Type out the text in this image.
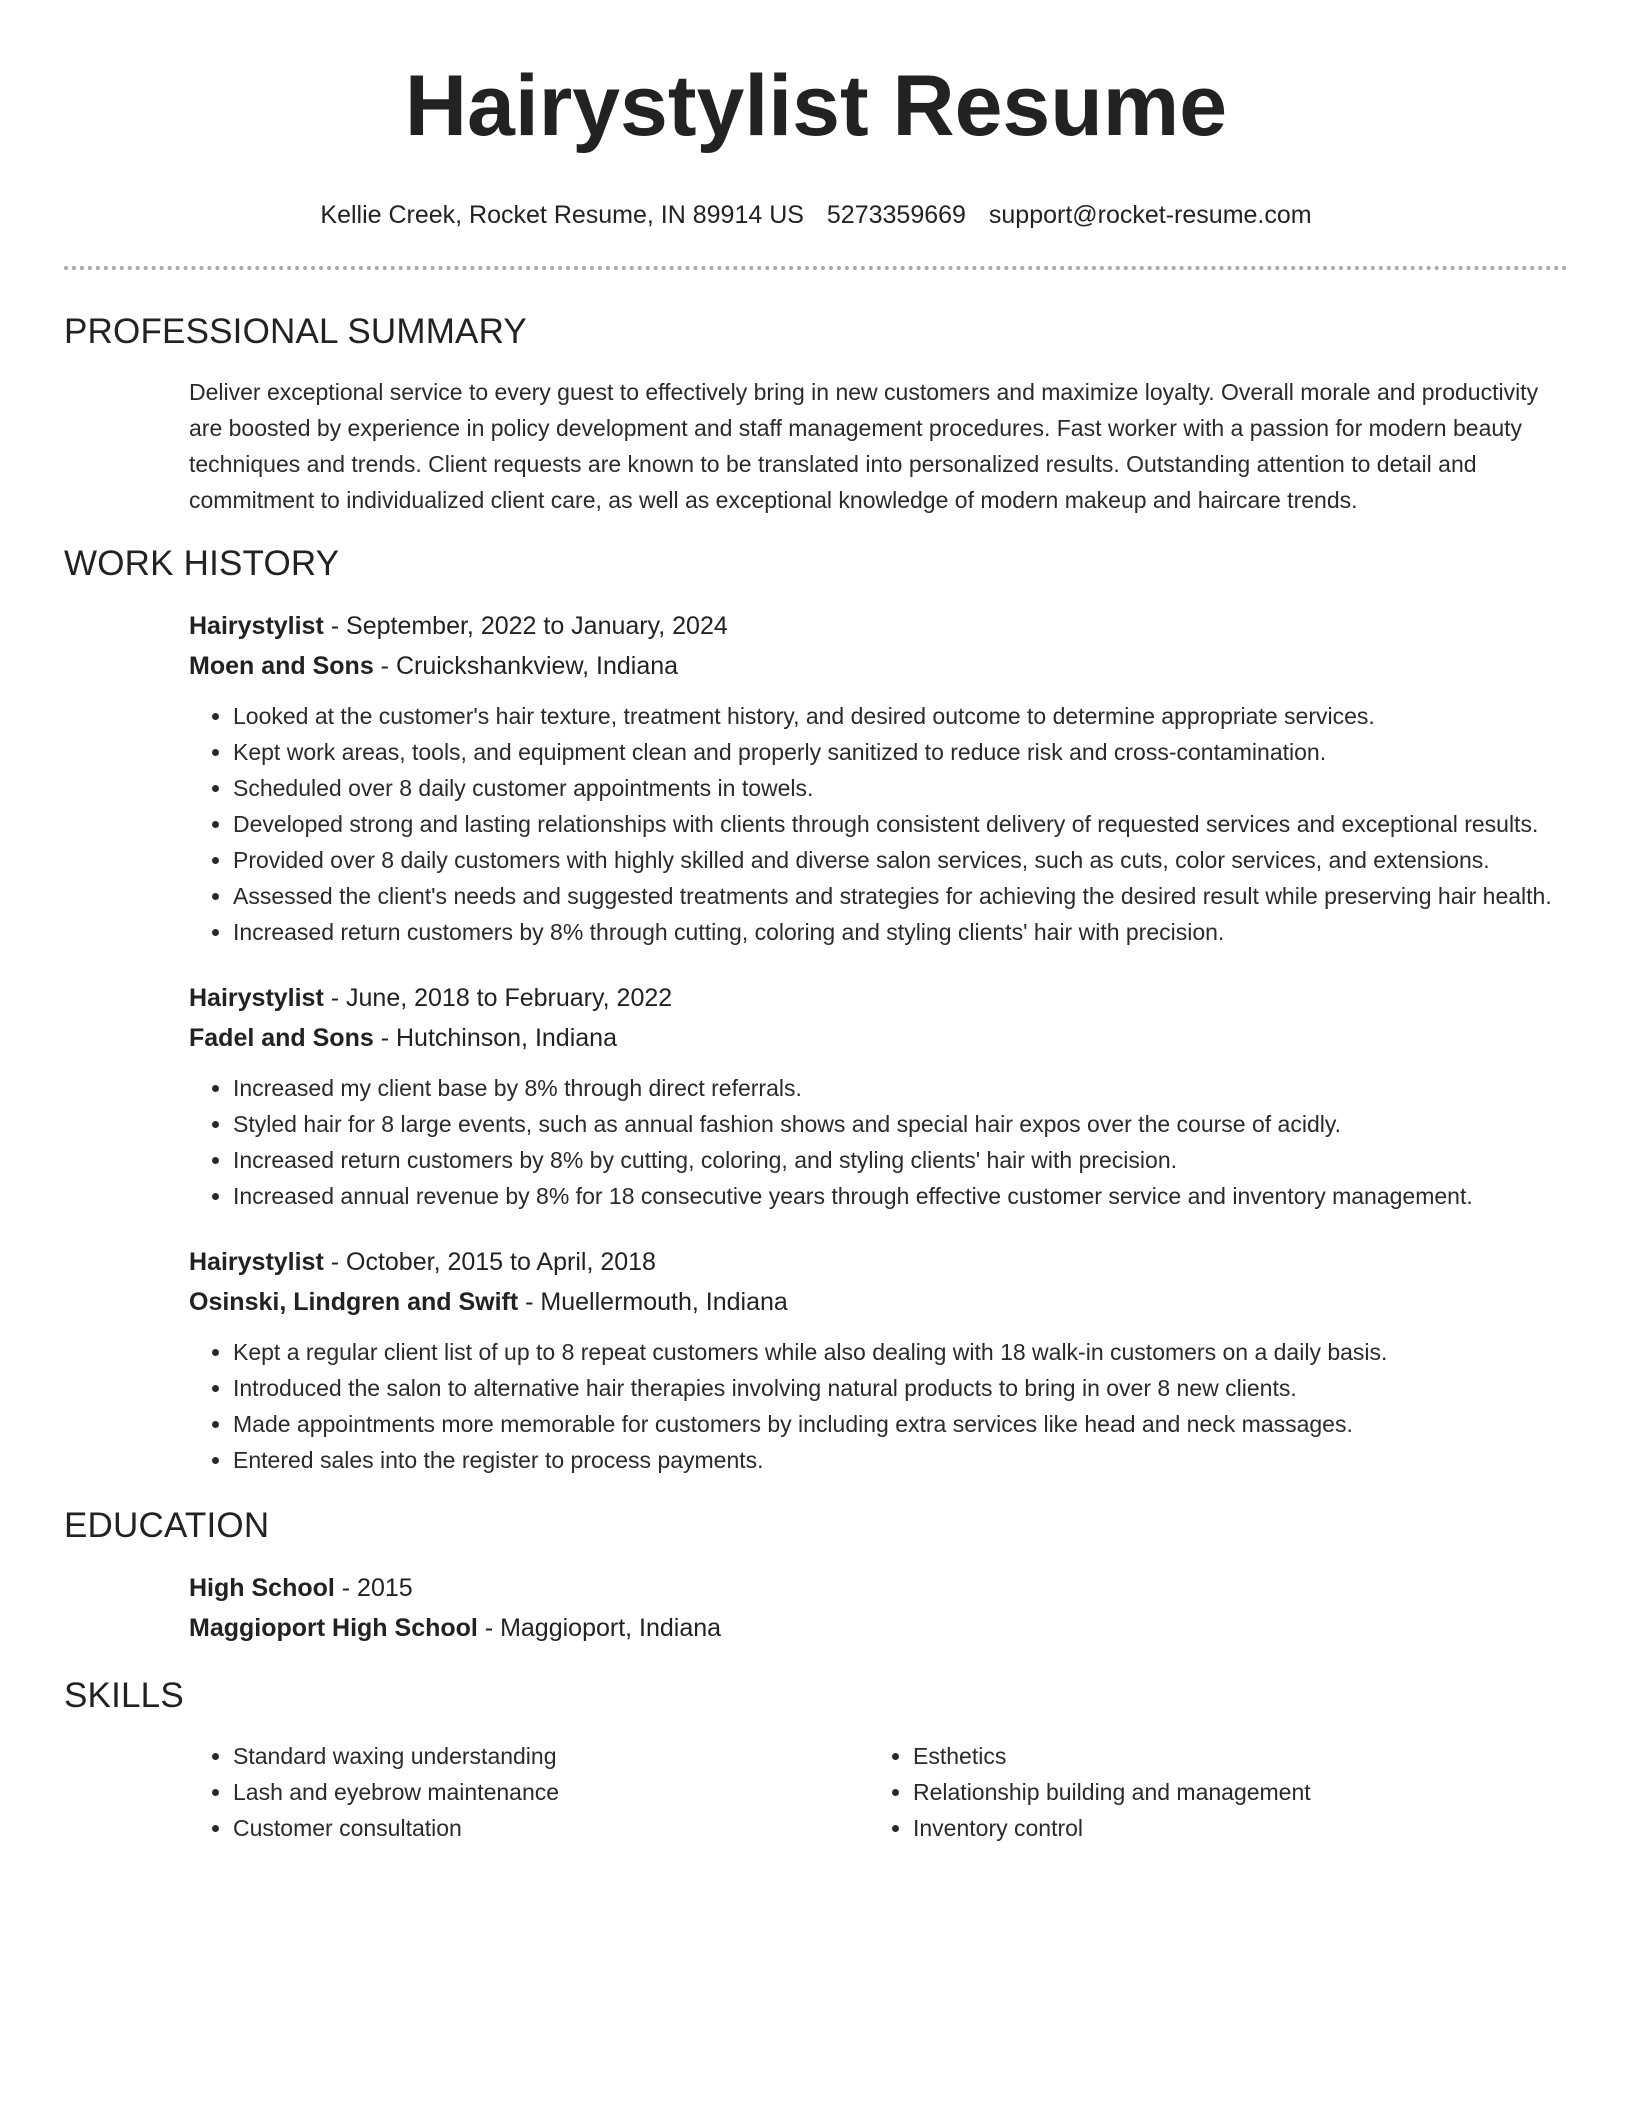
Hairystylist Resume
Kellie Creek, Rocket Resume, IN 89914 US 5273359669 support@rocket-resume.com
PROFESSIONAL SUMMARY

Deliver exceptional service to every guest to effectively bring in new customers and maximize loyalty. Overall morale and productivity are boosted by experience in policy development and staff management procedures. Fast worker with a passion for modern beauty techniques and trends. Client requests are known to be translated into personalized results. Outstanding attention to detail and commitment to individualized client care, as well as exceptional knowledge of modern makeup and haircare trends.

WORK HISTORY

Hairystylist - September, 2022 to January, 2024

Moen and Sons - Cruickshankview, Indiana

• Looked at the customer's hair texture, treatment history, and desired outcome to determine appropriate services.
• Kept work areas, tools, and equipment clean and properly sanitized to reduce risk and cross-contamination.
• Scheduled over 8 daily customer appointments in towels.
• Developed strong and lasting relationships with clients through consistent delivery of requested services and exceptional results.
• Provided over 8 daily customers with highly skilled and diverse salon services, such as cuts, color services, and extensions.
• Assessed the client's needs and suggested treatments and strategies for achieving the desired result while preserving hair health.
• Increased return customers by 8% through cutting, coloring and styling clients' hair with precision.

Hairystylist - June, 2018 to February, 2022

Fadel and Sons - Hutchinson, Indiana

• Increased my client base by 8% through direct referrals.
• Styled hair for 8 large events, such as annual fashion shows and special hair expos over the course of acidly.
• Increased return customers by 8% by cutting, coloring, and styling clients' hair with precision.
• Increased annual revenue by 8% for 18 consecutive years through effective customer service and inventory management.

Hairystylist - October, 2015 to April, 2018

Osinski, Lindgren and Swift - Muellermouth, Indiana

• Kept a regular client list of up to 8 repeat customers while also dealing with 18 walk-in customers on a daily basis.
• Introduced the salon to alternative hair therapies involving natural products to bring in over 8 new clients.
• Made appointments more memorable for customers by including extra services like head and neck massages.
• Entered sales into the register to process payments.
EDUCATION

High School - 2015

Maggioport High School - Maggioport, Indiana

SKILLS
• Standard waxing understanding
• Lash and eyebrow maintenance
• Customer consultation
• Esthetics
• Relationship building and management
• Inventory control
